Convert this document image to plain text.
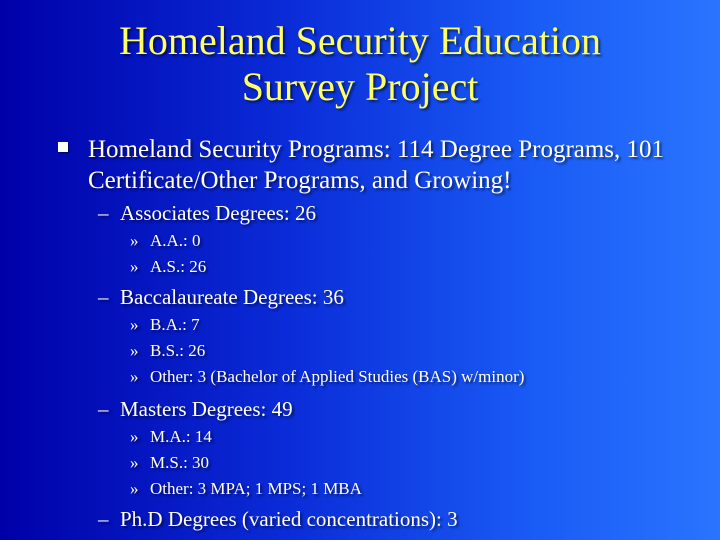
Homeland Security Education
Survey Project
Homeland Security Programs: 114 Degree Programs, 101 Certificate/Other Programs, and Growing!
– Associates Degrees: 26
» A.A.: 0
» A.S.: 26
– Baccalaureate Degrees: 36
» B.A.: 7
» B.S.: 26
» Other: 3 (Bachelor of Applied Studies (BAS) w/minor)
– Masters Degrees: 49
» M.A.: 14
» M.S.: 30
» Other: 3 MPA; 1 MPS; 1 MBA
– Ph.D Degrees (varied concentrations): 3
